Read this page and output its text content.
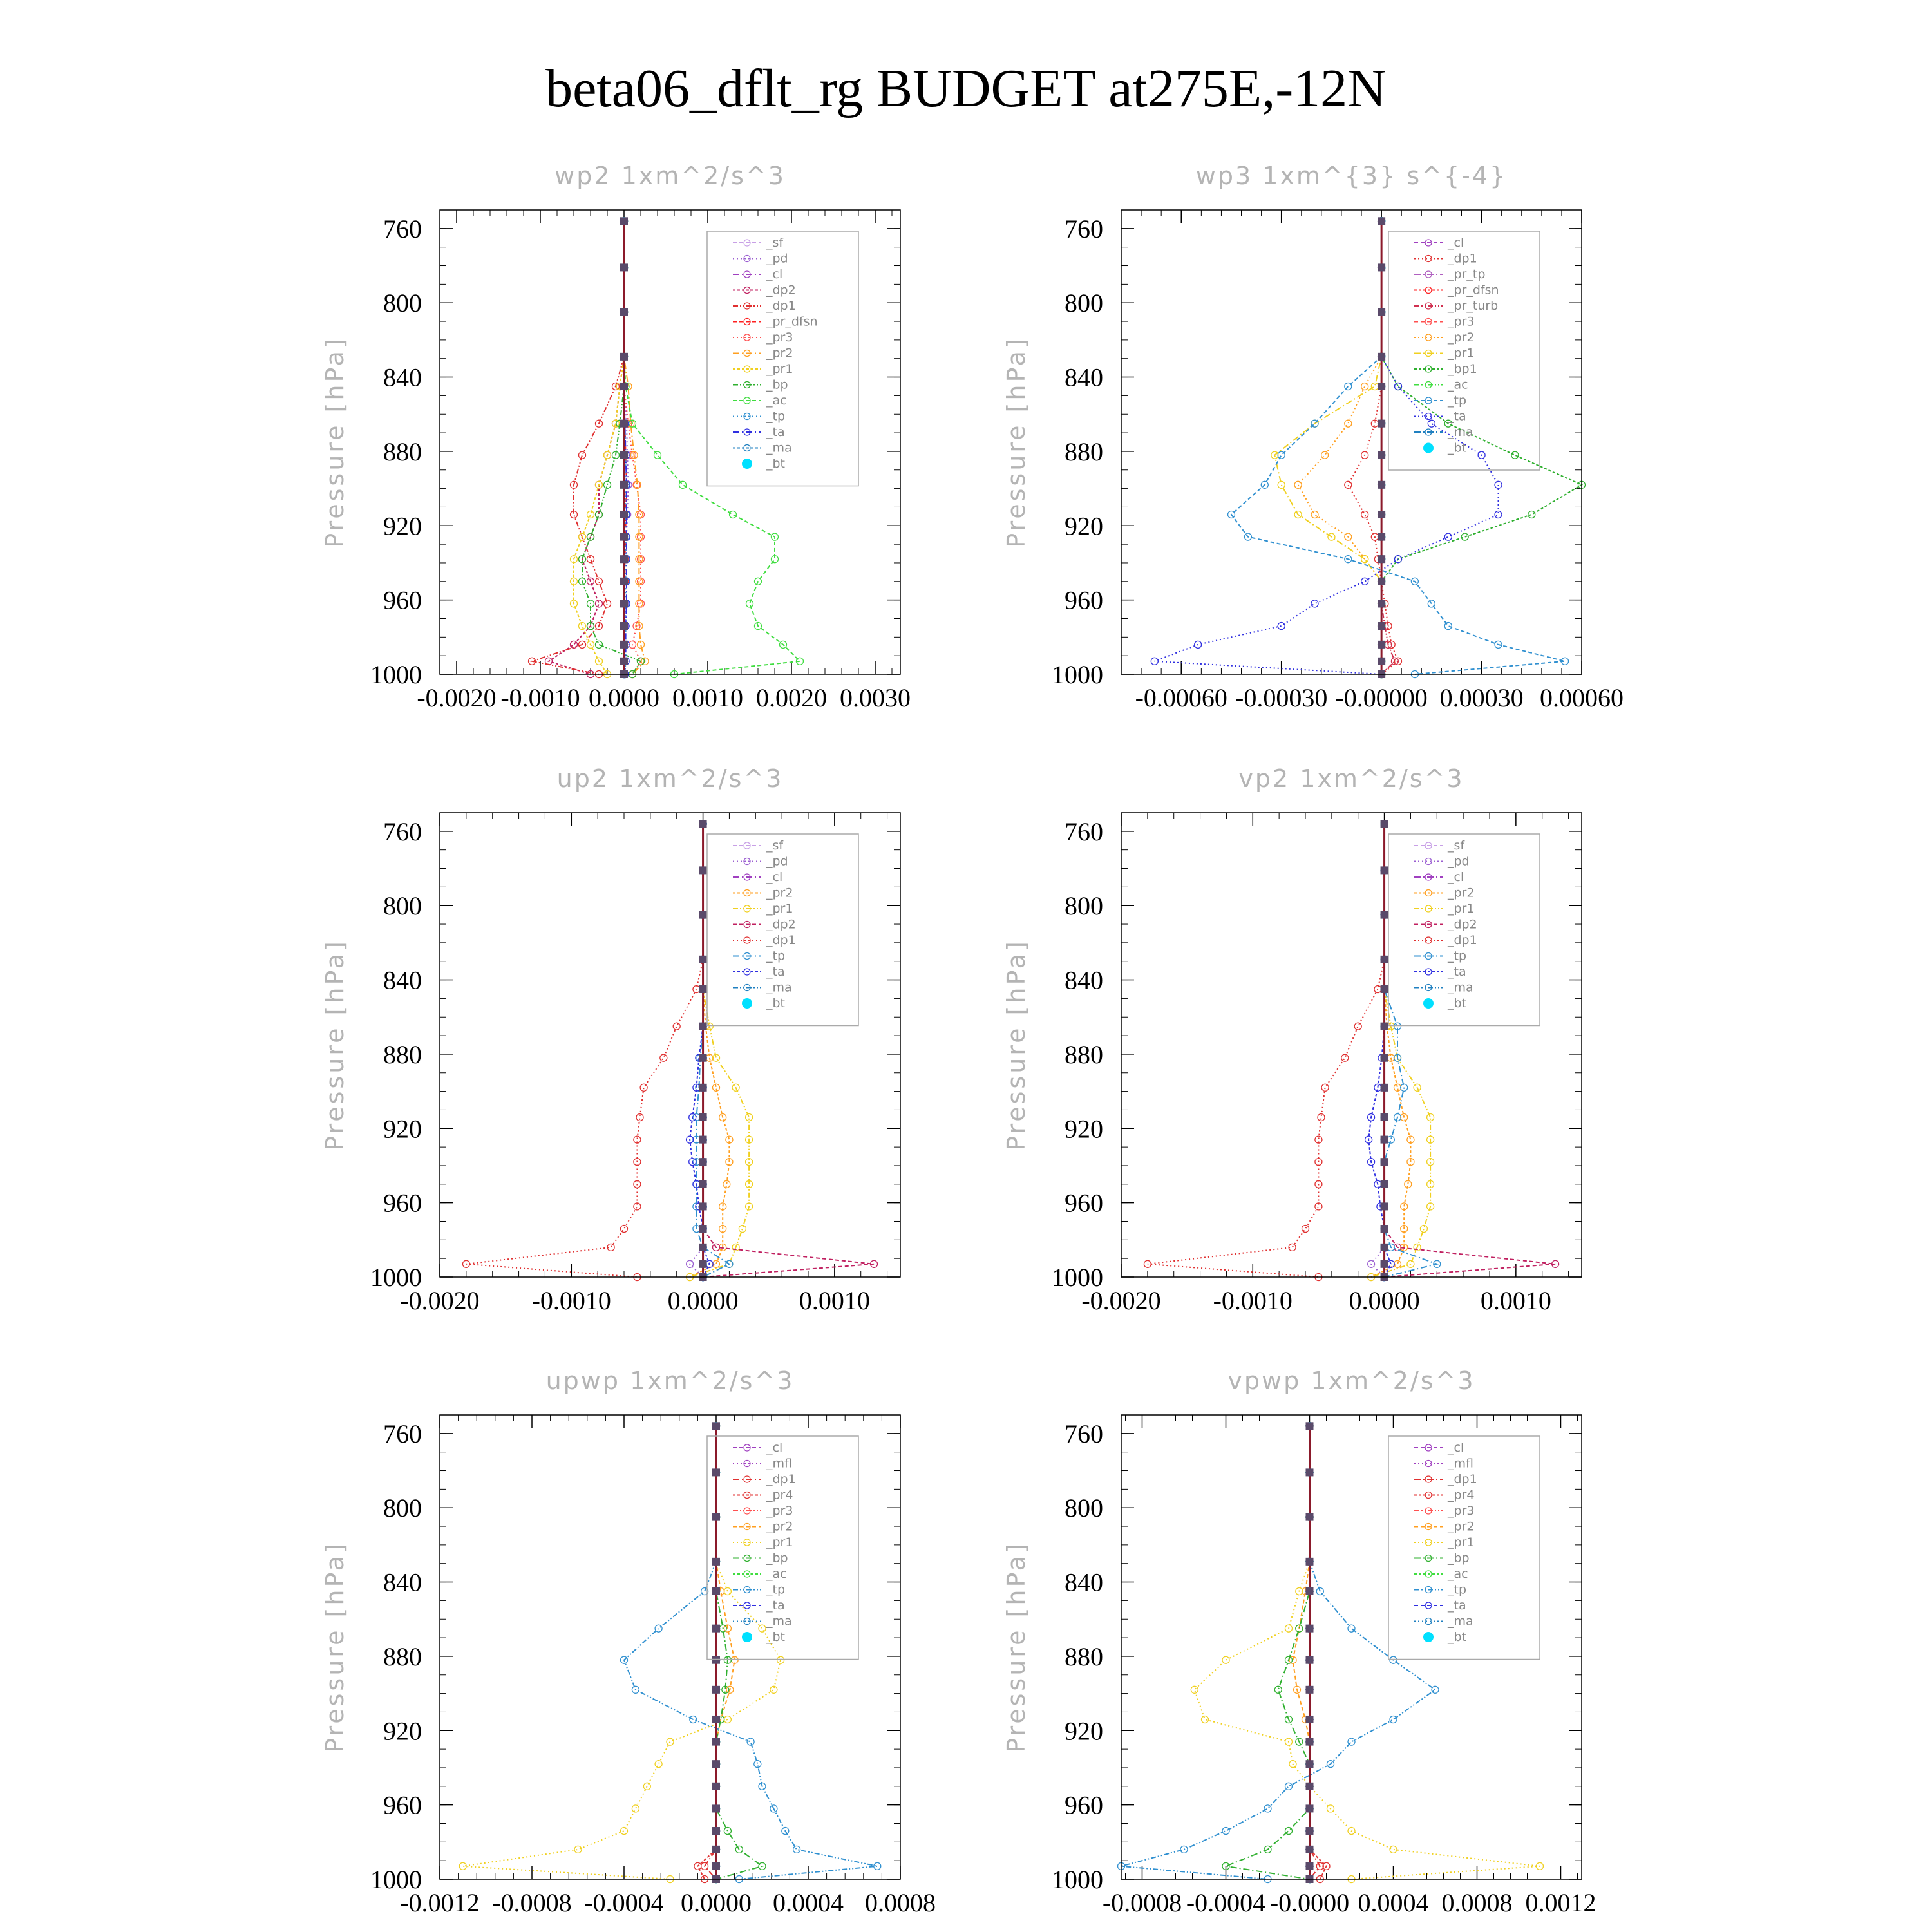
beta06_dflt_rg BUDGET at275E,-12N
wp2 1xm^2/s^3
Pressure [hPa]
-0.0020 -0.0010 0.0000 0.0010 0.0020 0.0030
760
800
840
880
920
960
1000
_sf
_pd
_cl
_dp2
_dp1
_pr_dfsn
_pr3
_pr2
_pr1
_bp
_ac
_tp
_ta
_ma
_bt
wp3 1xm^{3} s^{-4}
Pressure [hPa]
-0.00060 -0.00030 -0.00000 0.00030 0.00060
760
800
840
880
920
960
1000
_cl
_dp1
_pr_tp
_pr_dfsn
_pr_turb
_pr3
_pr2
_pr1
_bp1
_ac
_tp
_ta
_ma
_bt
up2 1xm^2/s^3
Pressure [hPa]
-0.0020 -0.0010 0.0000 0.0010
760
800
840
880
920
960
1000
_sf
_pd
_cl
_pr2
_pr1
_dp2
_dp1
_tp
_ta
_ma
_bt
vp2 1xm^2/s^3
Pressure [hPa]
-0.0020 -0.0010 0.0000 0.0010
760
800
840
880
920
960
1000
_sf
_pd
_cl
_pr2
_pr1
_dp2
_dp1
_tp
_ta
_ma
_bt
upwp 1xm^2/s^3
Pressure [hPa]
-0.0012 -0.0008 -0.0004 0.0000 0.0004 0.0008
760
800
840
880
920
960
1000
_cl
_mfl
_dp1
_pr4
_pr3
_pr2
_pr1
_bp
_ac
_tp
_ta
_ma
_bt
vpwp 1xm^2/s^3
Pressure [hPa]
-0.0008 -0.0004 -0.0000 0.0004 0.0008 0.0012
760
800
840
880
920
960
1000
_cl
_mfl
_dp1
_pr4
_pr3
_pr2
_pr1
_bp
_ac
_tp
_ta
_ma
_bt
